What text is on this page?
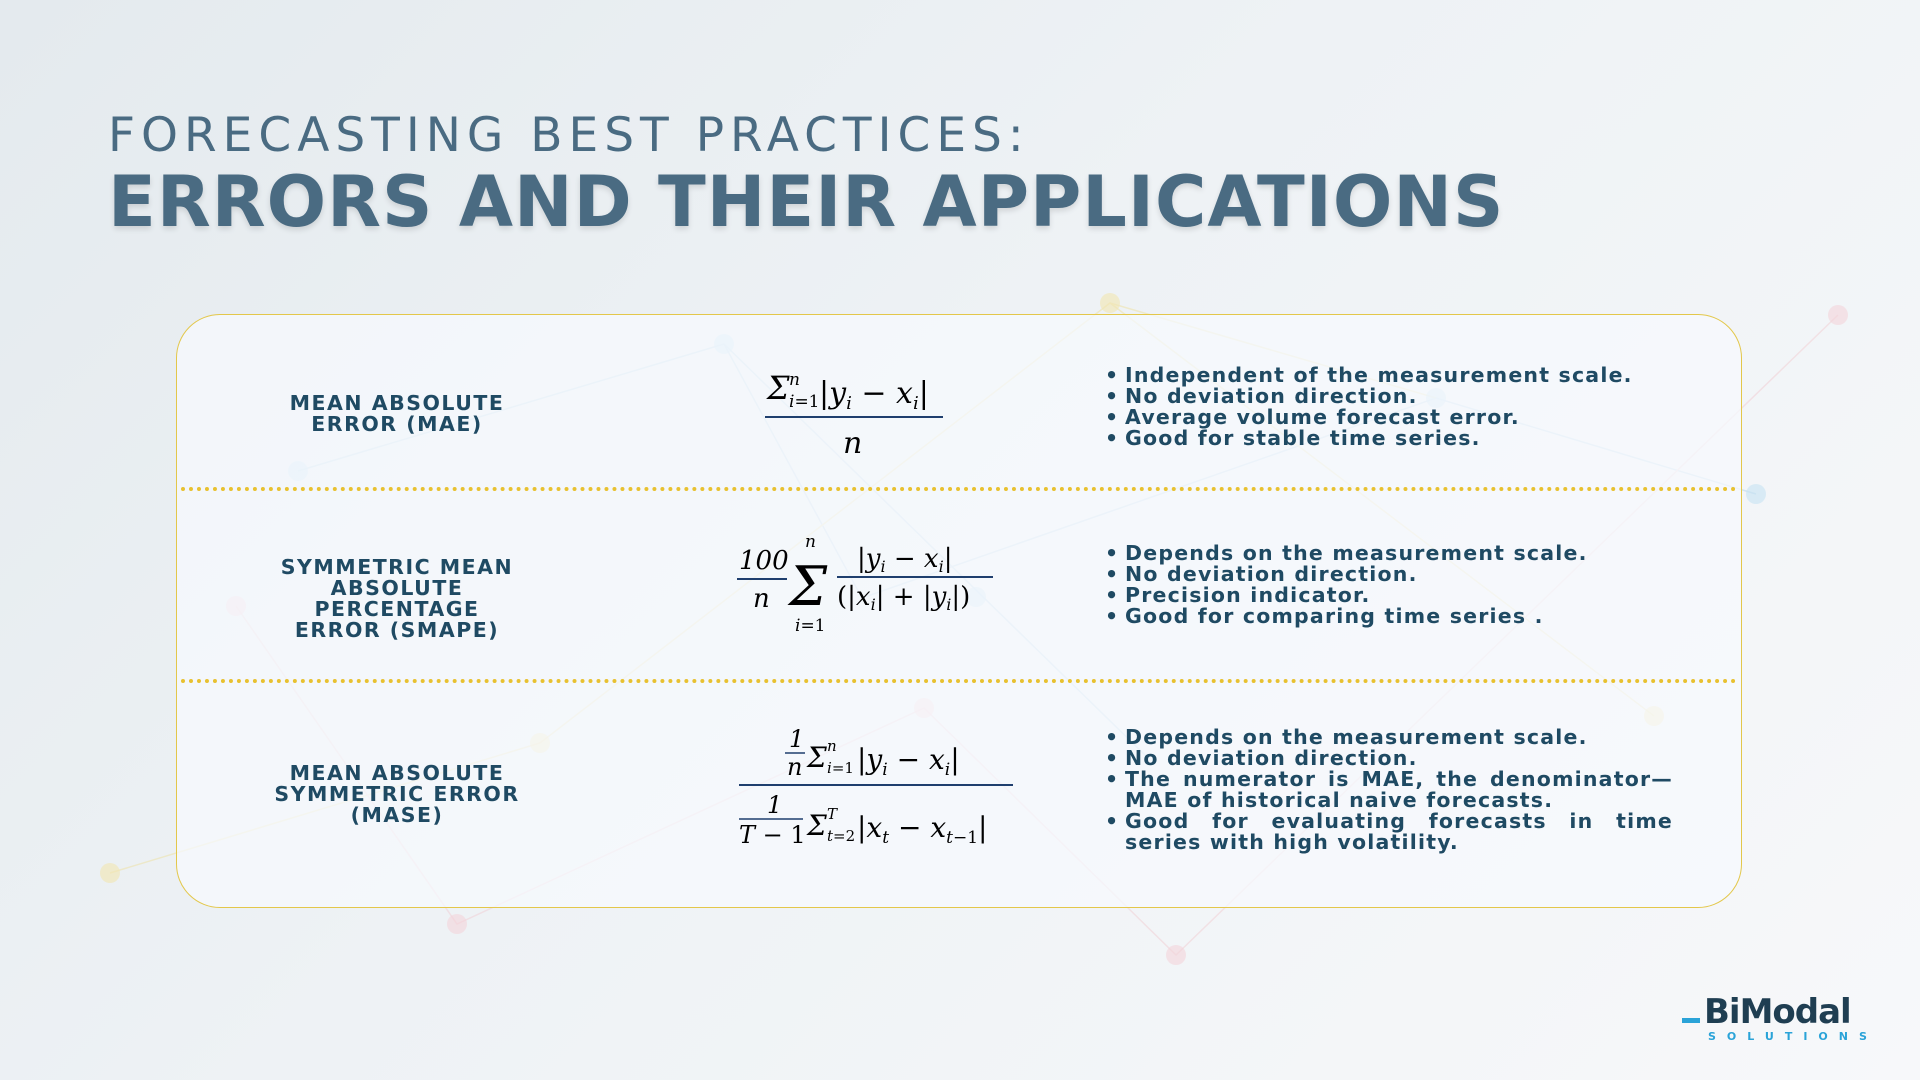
FORECASTING BEST PRACTICES:
ERRORS AND THEIR APPLICATIONS
MEAN ABSOLUTE
ERROR (MAE)
Σ n
i=1 $|y_i - x_i|$
n
• Independent of the measurement scale.
• No deviation direction.
• Average volume forecast error.
• Good for stable time series.
SYMMETRIC MEAN
ABSOLUTE PERCENTAGE
ERROR (SMAPE)
100
n Σ
n
i=1
|yi − xi|
(|xi| + |yi|)
• Depends on the measurement scale.
• No deviation direction.
• Precision indicator.
• Good for comparing time series .
MEAN ABSOLUTE
SYMMETRIC ERROR
(MASE)
1
n Σ n
i=1 $|y_i - x_i|$
1
T − 1 Σ T
t=2 $|x_t - x_{t-1}|$
• Depends on the measurement scale.
• No deviation direction.
• The numerator is MAE, the denominator—MAE of historical naive forecasts.
• Good for evaluating forecasts in time series with high volatility.
BiModal
SOLUTIONS
